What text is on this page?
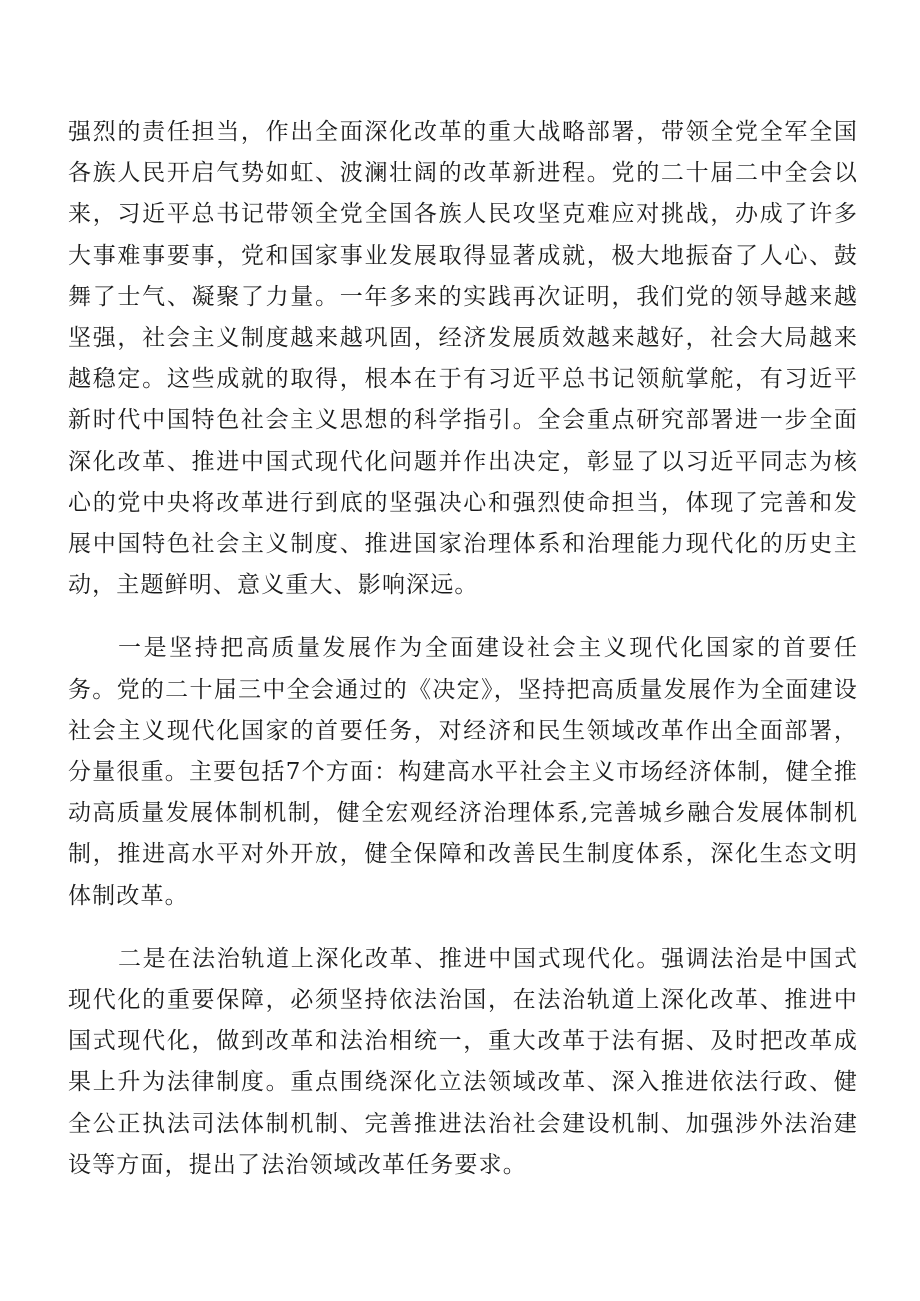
强烈的责任担当，作出全面深化改革的重大战略部署，带领全党全军全国各族人民开启气势如虹、波澜壮阔的改革新进程。党的二十届二中全会以来，习近平总书记带领全党全国各族人民攻坚克难应对挑战，办成了许多大事难事要事，党和国家事业发展取得显著成就，极大地振奋了人心、鼓舞了士气、凝聚了力量。一年多来的实践再次证明，我们党的领导越来越坚强，社会主义制度越来越巩固，经济发展质效越来越好，社会大局越来越稳定。这些成就的取得，根本在于有习近平总书记领航掌舵，有习近平新时代中国特色社会主义思想的科学指引。全会重点研究部署进一步全面深化改革、推进中国式现代化问题并作出决定，彰显了以习近平同志为核心的党中央将改革进行到底的坚强决心和强烈使命担当，体现了完善和发展中国特色社会主义制度、推进国家治理体系和治理能力现代化的历史主动，主题鲜明、意义重大、影响深远。

一是坚持把高质量发展作为全面建设社会主义现代化国家的首要任务。党的二十届三中全会通过的《决定》，坚持把高质量发展作为全面建设社会主义现代化国家的首要任务，对经济和民生领域改革作出全面部署，分量很重。主要包括7个方面：构建高水平社会主义市场经济体制，健全推动高质量发展体制机制，健全宏观经济治理体系,完善城乡融合发展体制机制，推进高水平对外开放，健全保障和改善民生制度体系，深化生态文明体制改革。

二是在法治轨道上深化改革、推进中国式现代化。强调法治是中国式现代化的重要保障，必须坚持依法治国，在法治轨道上深化改革、推进中国式现代化，做到改革和法治相统一，重大改革于法有据、及时把改革成果上升为法律制度。重点围绕深化立法领域改革、深入推进依法行政、健全公正执法司法体制机制、完善推进法治社会建设机制、加强涉外法治建设等方面，提出了法治领域改革任务要求。
